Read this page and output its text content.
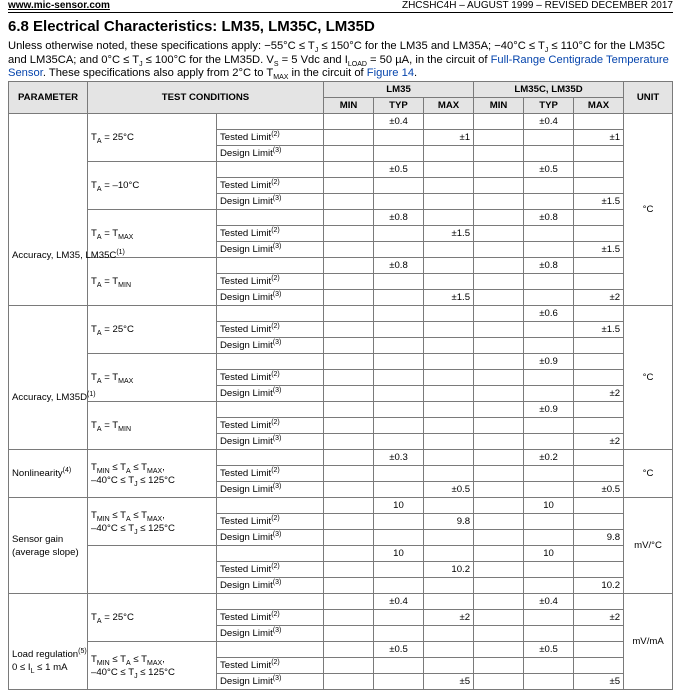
www.mic-sensor.com	ZHCSHC4H – AUGUST 1999 – REVISED DECEMBER 2017
6.8 Electrical Characteristics: LM35, LM35C, LM35D
Unless otherwise noted, these specifications apply: $-55^\circ C \le T_J \le 150^\circ C$ for the LM35 and LM35A; $-40^\circ C \le T_J \le 110^\circ C$ for the LM35C and LM35CA; and $0^\circ C \le T_J \le 100^\circ C$ for the LM35D. $V_S = 5$ Vdc and $I_{LOAD} = 50$ µA, in the circuit of Full-Range Centigrade Temperature Sensor. These specifications also apply from 2°C to $T_{MAX}$ in the circuit of Figure 14.
PARAMETER	TEST CONDITIONS		LM35			LM35C, LM35D			UNIT
			MIN	TYP	MAX	MIN	TYP	MAX	

Accuracy, LM35, $LM35C^{(1)}$	$T_A = 25^\circ C$			±0.4			±0.4		°C
		Tested Limit$^{(2)}$			±1			±1	
		Design Limit$^{(3)}$						
	$T_A = -10^\circ C$			±0.5			±0.5		
		Tested Limit$^{(2)}$						
		Design Limit$^{(3)}$						±1.5	
	$T_A = T_{MAX}$			±0.8			±0.8		
		Tested Limit$^{(2)}$			±1.5				
		Design Limit$^{(3)}$						±1.5	
	$T_A = T_{MIN}$			±0.8			±0.8		
		Tested Limit$^{(2)}$						
		Design Limit$^{(3)}$			±1.5			±2	

Accuracy, $LM35D^{(1)}$	$T_A = 25^\circ C$						±0.6		°C
		Tested Limit$^{(2)}$						±1.5	
		Design Limit$^{(3)}$						
	$T_A = T_{MAX}$						±0.9		
		Tested Limit$^{(2)}$						
		Design Limit$^{(3)}$						±2	
	$T_A = T_{MIN}$						±0.9		
		Tested Limit$^{(2)}$						
		Design Limit$^{(3)}$						±2	
Nonlinearity$^{(4)}$	$T_{MIN} \le T_A \le T_{MAX}$,
$-40^\circ C \le T_J \le 125^\circ C$			±0.3			±0.2		°C
		Tested Limit$^{(2)}$						
		Design Limit$^{(3)}$			±0.5			±0.5	
Sensor gain
(average slope)	$T_{MIN} \le T_A \le T_{MAX}$,
$-40^\circ C \le T_J \le 125^\circ C$			10			10		mV/°C
		Tested Limit$^{(2)}$			9.8				
		Design Limit$^{(3)}$						9.8	
				10			10		
		Tested Limit$^{(2)}$			10.2				
		Design Limit$^{(3)}$						10.2	

Load regulation$^{(5)}$
$0 \le I_L \le 1$ mA	$T_A = 25^\circ C$			±0.4			±0.4		mV/mA
		Tested Limit$^{(2)}$			±2			±2	
		Design Limit$^{(3)}$						
	$T_{MIN} \le T_A \le T_{MAX}$,
$-40^\circ C \le T_J \le 125^\circ C$			±0.5			±0.5		
		Tested Limit$^{(2)}$						
		Design Limit$^{(3)}$			±5			±5	
